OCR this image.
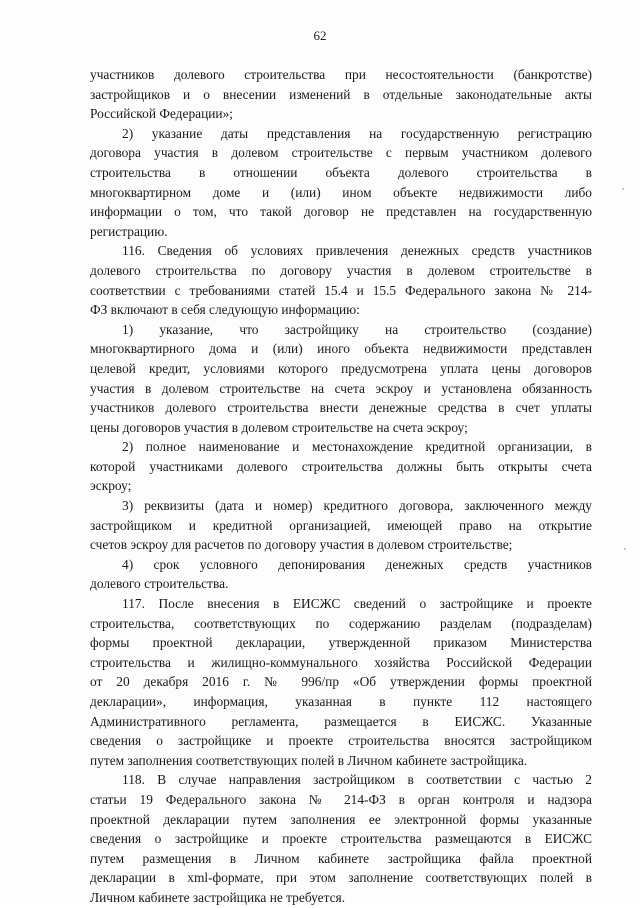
62
участников долевого строительства при несостоятельности (банкротстве)
застройщиков и о внесении изменений в отдельные законодательные акты
Российской Федерации»;
2) указание даты представления на государственную регистрацию
договора участия в долевом строительстве с первым участником долевого
строительства в отношении объекта долевого строительства в
многоквартирном доме и (или) ином объекте недвижимости либо
информации о том, что такой договор не представлен на государственную
регистрацию.
116. Сведения об условиях привлечения денежных средств участников
долевого строительства по договору участия в долевом строительстве в
соответствии с требованиями статей 15.4 и 15.5 Федерального закона № 214-
ФЗ включают в себя следующую информацию:
1) указание, что застройщику на строительство (создание)
многоквартирного дома и (или) иного объекта недвижимости представлен
целевой кредит, условиями которого предусмотрена уплата цены договоров
участия в долевом строительстве на счета эскроу и установлена обязанность
участников долевого строительства внести денежные средства в счет уплаты
цены договоров участия в долевом строительстве на счета эскроу;
2) полное наименование и местонахождение кредитной организации, в
которой участниками долевого строительства должны быть открыты счета
эскроу;
3) реквизиты (дата и номер) кредитного договора, заключенного между
застройщиком и кредитной организацией, имеющей право на открытие
счетов эскроу для расчетов по договору участия в долевом строительстве;
4) срок условного депонирования денежных средств участников
долевого строительства.
117. После внесения в ЕИСЖС сведений о застройщике и проекте
строительства, соответствующих по содержанию разделам (подразделам)
формы проектной декларации, утвержденной приказом Министерства
строительства и жилищно-коммунального хозяйства Российской Федерации
от 20 декабря 2016 г. № 996/пр «Об утверждении формы проектной
декларации», информация, указанная в пункте 112 настоящего
Административного регламента, размещается в ЕИСЖС. Указанные
сведения о застройщике и проекте строительства вносятся застройщиком
путем заполнения соответствующих полей в Личном кабинете застройщика.
118. В случае направления застройщиком в соответствии с частью 2
статьи 19 Федерального закона № 214-ФЗ в орган контроля и надзора
проектной декларации путем заполнения ее электронной формы указанные
сведения о застройщике и проекте строительства размещаются в ЕИСЖС
путем размещения в Личном кабинете застройщика файла проектной
декларации в xml-формате, при этом заполнение соответствующих полей в
Личном кабинете застройщика не требуется.
